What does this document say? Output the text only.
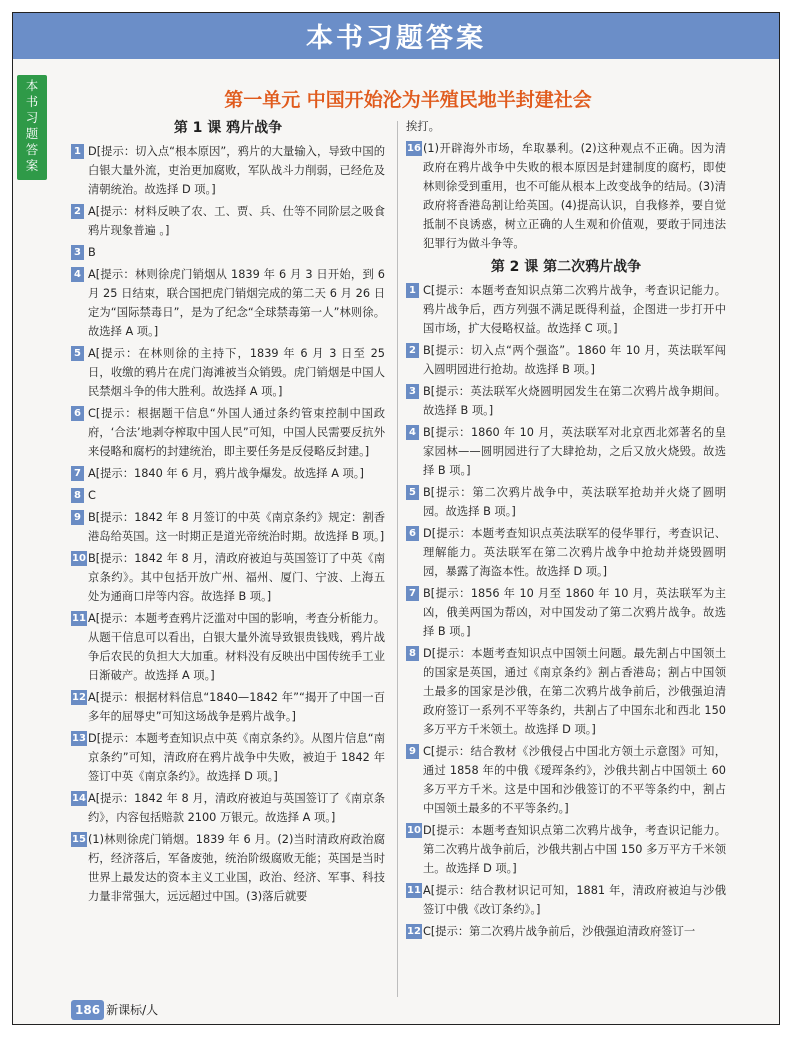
本书习题答案
本
书
习
题
答
案
第一单元 中国开始沦为半殖民地半封建社会
第 1 课 鸦片战争
1 D[提示：切入点“根本原因”，鸦片的大量输入，导致中国的白银大量外流，吏治更加腐败，军队战斗力削弱，已经危及清朝统治。故选择 D 项。]
2 A[提示：材料反映了农、工、贾、兵、仕等不同阶层之吸食鸦片现象普遍 。]
3 B
4 A[提示：林则徐虎门销烟从 1839 年 6 月 3 日开始，到 6 月 25 日结束，联合国把虎门销烟完成的第二天 6 月 26 日定为“国际禁毒日”，是为了纪念“全球禁毒第一人”林则徐。故选择 A 项。]
5 A[提示：在林则徐的主持下，1839 年 6 月 3 日至 25 日，收缴的鸦片在虎门海滩被当众销毁。虎门销烟是中国人民禁烟斗争的伟大胜利。故选择 A 项。]
6 C[提示：根据题干信息“外国人通过条约管束控制中国政府，‘合法’地剥夺榨取中国人民”可知，中国人民需要反抗外来侵略和腐朽的封建统治，即主要任务是反侵略反封建。]
7 A[提示：1840 年 6 月，鸦片战争爆发。故选择 A 项。]
8 C
9 B[提示：1842 年 8 月签订的中英《南京条约》规定：割香港岛给英国。这一时期正是道光帝统治时期。故选择 B 项。]
10 B[提示：1842 年 8 月，清政府被迫与英国签订了中英《南京条约》。其中包括开放广州、福州、厦门、宁波、上海五处为通商口岸等内容。故选择 B 项。]
11 A[提示：本题考查鸦片泛滥对中国的影响，考查分析能力。从题干信息可以看出，白银大量外流导致银贵钱贱，鸦片战争后农民的负担大大加重。材料没有反映出中国传统手工业日渐破产。故选择 A 项。]
12 A[提示：根据材料信息“1840—1842 年”“揭开了中国一百多年的屈辱史”可知这场战争是鸦片战争。]
13 D[提示：本题考查知识点中英《南京条约》。从图片信息“南京条约”可知，清政府在鸦片战争中失败，被迫于 1842 年签订中英《南京条约》。故选择 D 项。]
14 A[提示：1842 年 8 月，清政府被迫与英国签订了《南京条约》，内容包括赔款 2100 万银元。故选择 A 项。]
15 (1)林则徐虎门销烟。1839 年 6 月。(2)当时清政府政治腐朽，经济落后，军备废弛，统治阶级腐败无能；英国是当时世界上最发达的资本主义工业国，政治、经济、军事、科技力量非常强大，远远超过中国。(3)落后就要
挨打。
16 (1)开辟海外市场，牟取暴利。(2)这种观点不正确。因为清政府在鸦片战争中失败的根本原因是封建制度的腐朽，即使林则徐受到重用，也不可能从根本上改变战争的结局。(3)清政府将香港岛割让给英国。(4)提高认识，自我修养，要自觉抵制不良诱惑，树立正确的人生观和价值观，要敢于同违法犯罪行为做斗争等。
第 2 课 第二次鸦片战争
1 C[提示：本题考查知识点第二次鸦片战争，考查识记能力。鸦片战争后，西方列强不满足既得利益，企图进一步打开中国市场，扩大侵略权益。故选择 C 项。]
2 B[提示：切入点“两个强盗”。1860 年 10 月，英法联军闯入圆明园进行抢劫。故选择 B 项。]
3 B[提示：英法联军火烧圆明园发生在第二次鸦片战争期间。故选择 B 项。]
4 B[提示：1860 年 10 月，英法联军对北京西北郊著名的皇家园林——圆明园进行了大肆抢劫，之后又放火烧毁。故选择 B 项。]
5 B[提示：第二次鸦片战争中，英法联军抢劫并火烧了圆明园。故选择 B 项。]
6 D[提示：本题考查知识点英法联军的侵华罪行，考查识记、理解能力。英法联军在第二次鸦片战争中抢劫并烧毁圆明园，暴露了海盗本性。故选择 D 项。]
7 B[提示：1856 年 10 月至 1860 年 10 月，英法联军为主凶，俄美两国为帮凶，对中国发动了第二次鸦片战争。故选择 B 项。]
8 D[提示：本题考查知识点中国领土问题。最先割占中国领土的国家是英国，通过《南京条约》割占香港岛；割占中国领土最多的国家是沙俄，在第二次鸦片战争前后，沙俄强迫清政府签订一系列不平等条约，共割占了中国东北和西北 150 多万平方千米领土。故选择 D 项。]
9 C[提示：结合教材《沙俄侵占中国北方领土示意图》可知，通过 1858 年的中俄《瑷珲条约》，沙俄共割占中国领土 60 多万平方千米。这是中国和沙俄签订的不平等条约中，割占中国领土最多的不平等条约。]
10 D[提示：本题考查知识点第二次鸦片战争，考查识记能力。第二次鸦片战争前后，沙俄共割占中国 150 多万平方千米领土。故选择 D 项。]
11 A[提示：结合教材识记可知，1881 年，清政府被迫与沙俄签订中俄《改订条约》。]
12 C[提示：第二次鸦片战争前后，沙俄强迫清政府签订一
186 新课标/人
